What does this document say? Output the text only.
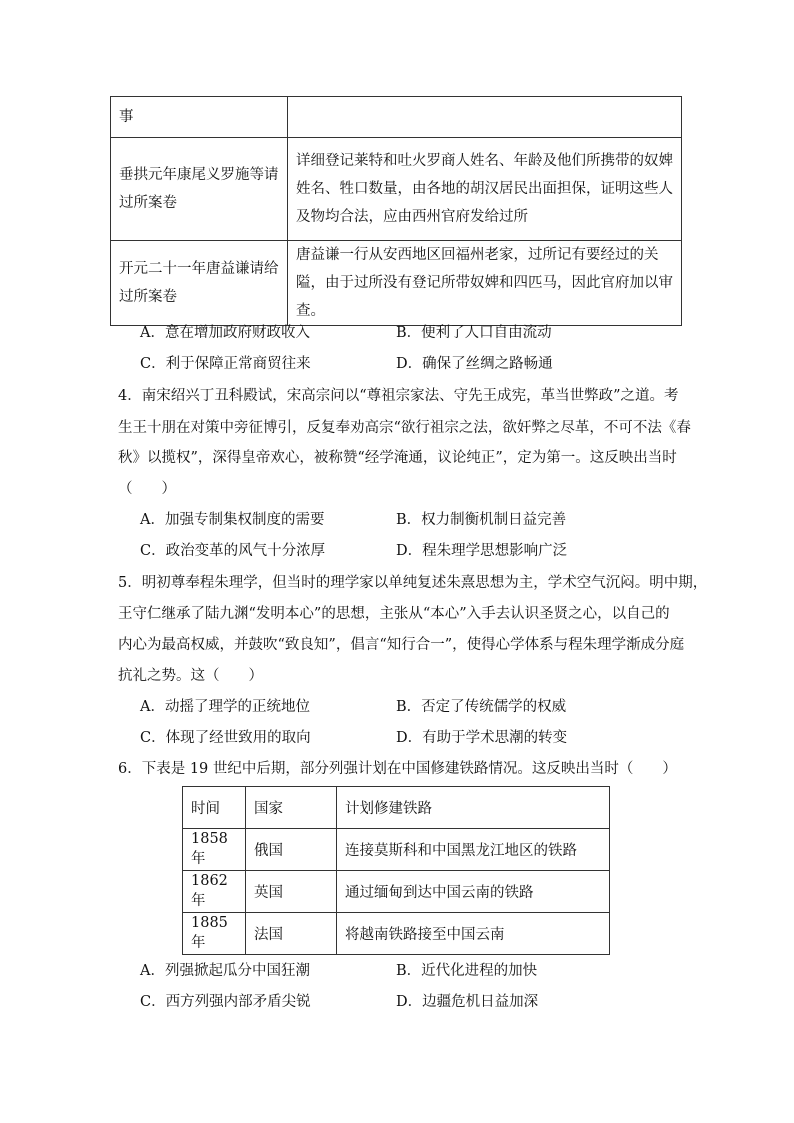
事	
垂拱元年康尾义罗施等请过所案卷	详细登记莱特和吐火罗商人姓名、年龄及他们所携带的奴婢姓名、牲口数量，由各地的胡汉居民出面担保，证明这些人及物均合法，应由西州官府发给过所
开元二十一年唐益谦请给过所案卷	唐益谦一行从安西地区回福州老家，过所记有要经过的关隘，由于过所没有登记所带奴婢和四匹马，因此官府加以审查。
A．意在增加政府财政收入	B．便利了人口自由流动
C．利于保障正常商贸往来	D．确保了丝绸之路畅通
4．南宋绍兴丁丑科殿试，宋高宗问以“尊祖宗家法、守先王成宪，革当世弊政”之道。考
生王十朋在对策中旁征博引，反复奉劝高宗“欲行祖宗之法，欲奸弊之尽革，不可不法《春
秋》以揽权”，深得皇帝欢心，被称赞“经学淹通，议论纯正”，定为第一。这反映出当时
（　　）
A．加强专制集权制度的需要	B．权力制衡机制日益完善
C．政治变革的风气十分浓厚	D．程朱理学思想影响广泛
5．明初尊奉程朱理学，但当时的理学家以单纯复述朱熹思想为主，学术空气沉闷。明中期，
王守仁继承了陆九渊“发明本心”的思想，主张从“本心”入手去认识圣贤之心，以自己的
内心为最高权威，并鼓吹“致良知”，倡言“知行合一”，使得心学体系与程朱理学渐成分庭
抗礼之势。这（　　）
A．动摇了理学的正统地位	B．否定了传统儒学的权威
C．体现了经世致用的取向	D．有助于学术思潮的转变
6．下表是 19 世纪中后期，部分列强计划在中国修建铁路情况。这反映出当时（　　）
时间	国家	计划修建铁路
1858 年	俄国	连接莫斯科和中国黑龙江地区的铁路
1862 年	英国	通过缅甸到达中国云南的铁路
1885 年	法国	将越南铁路接至中国云南
A．列强掀起瓜分中国狂潮	B．近代化进程的加快
C．西方列强内部矛盾尖锐	D．边疆危机日益加深
